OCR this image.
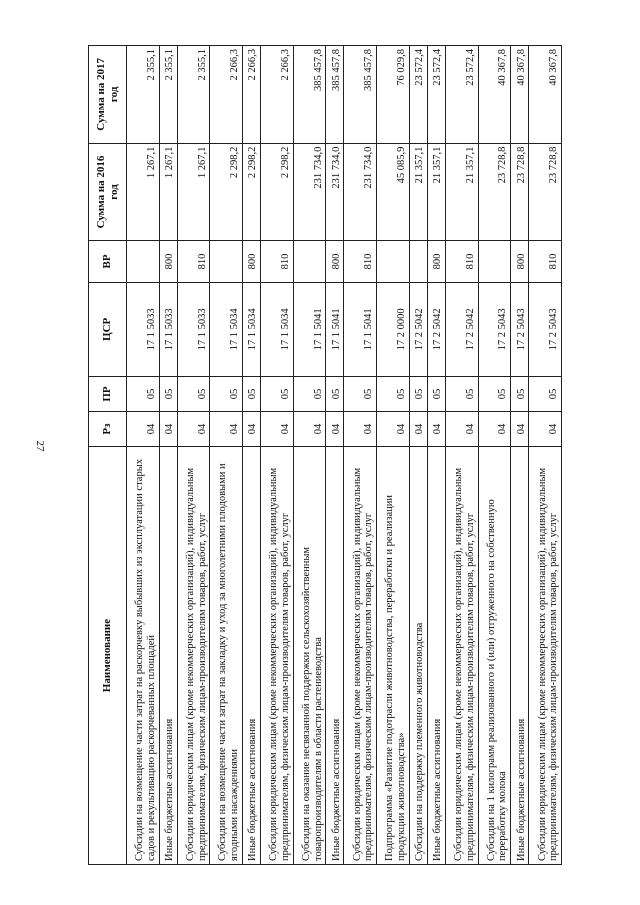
27
Наименование	Рз	ПР	ЦСР	ВР	Сумма на 2016 год	Сумма на 2017 год
Субсидии на возмещение части затрат на раскорчевку выбывших из эксплуатации старых садов и рекультивацию раскорчеванных площадей	04	05	17 1 5033		1 267,1	2 355,1
Иные бюджетные ассигнования	04	05	17 1 5033	800	1 267,1	2 355,1
Субсидии юридическим лицам (кроме некоммерческих организаций), индивидуальным предпринимателям, физическим лицам-производителям товаров, работ, услуг	04	05	17 1 5033	810	1 267,1	2 355,1
Субсидии на возмещение части затрат на закладку и уход за многолетними плодовыми и ягодными насаждениями	04	05	17 1 5034		2 298,2	2 266,3
Иные бюджетные ассигнования	04	05	17 1 5034	800	2 298,2	2 266,3
Субсидии юридическим лицам (кроме некоммерческих организаций), индивидуальным предпринимателям, физическим лицам-производителям товаров, работ, услуг	04	05	17 1 5034	810	2 298,2	2 266,3
Субсидии на оказание несвязанной поддержки сельскохозяйственным товаропроизводителям в области растениеводства	04	05	17 1 5041		231 734,0	385 457,8
Иные бюджетные ассигнования	04	05	17 1 5041	800	231 734,0	385 457,8
Субсидии юридическим лицам (кроме некоммерческих организаций), индивидуальным предпринимателям, физическим лицам-производителям товаров, работ, услуг	04	05	17 1 5041	810	231 734,0	385 457,8
Подпрограмма «Развитие подотрасли животноводства, переработки и реализации продукции животноводства»	04	05	17 2 0000		45 085,9	76 029,8
Субсидии на поддержку племенного животноводства	04	05	17 2 5042		21 357,1	23 572,4
Иные бюджетные ассигнования	04	05	17 2 5042	800	21 357,1	23 572,4
Субсидии юридическим лицам (кроме некоммерческих организаций), индивидуальным предпринимателям, физическим лицам-производителям товаров, работ, услуг	04	05	17 2 5042	810	21 357,1	23 572,4
Субсидии на 1 килограмм реализованного и (или) отгруженного на собственную переработку молока	04	05	17 2 5043		23 728,8	40 367,8
Иные бюджетные ассигнования	04	05	17 2 5043	800	23 728,8	40 367,8
Субсидии юридическим лицам (кроме некоммерческих организаций), индивидуальным предпринимателям, физическим лицам-производителям товаров, работ, услуг	04	05	17 2 5043	810	23 728,8	40 367,8
